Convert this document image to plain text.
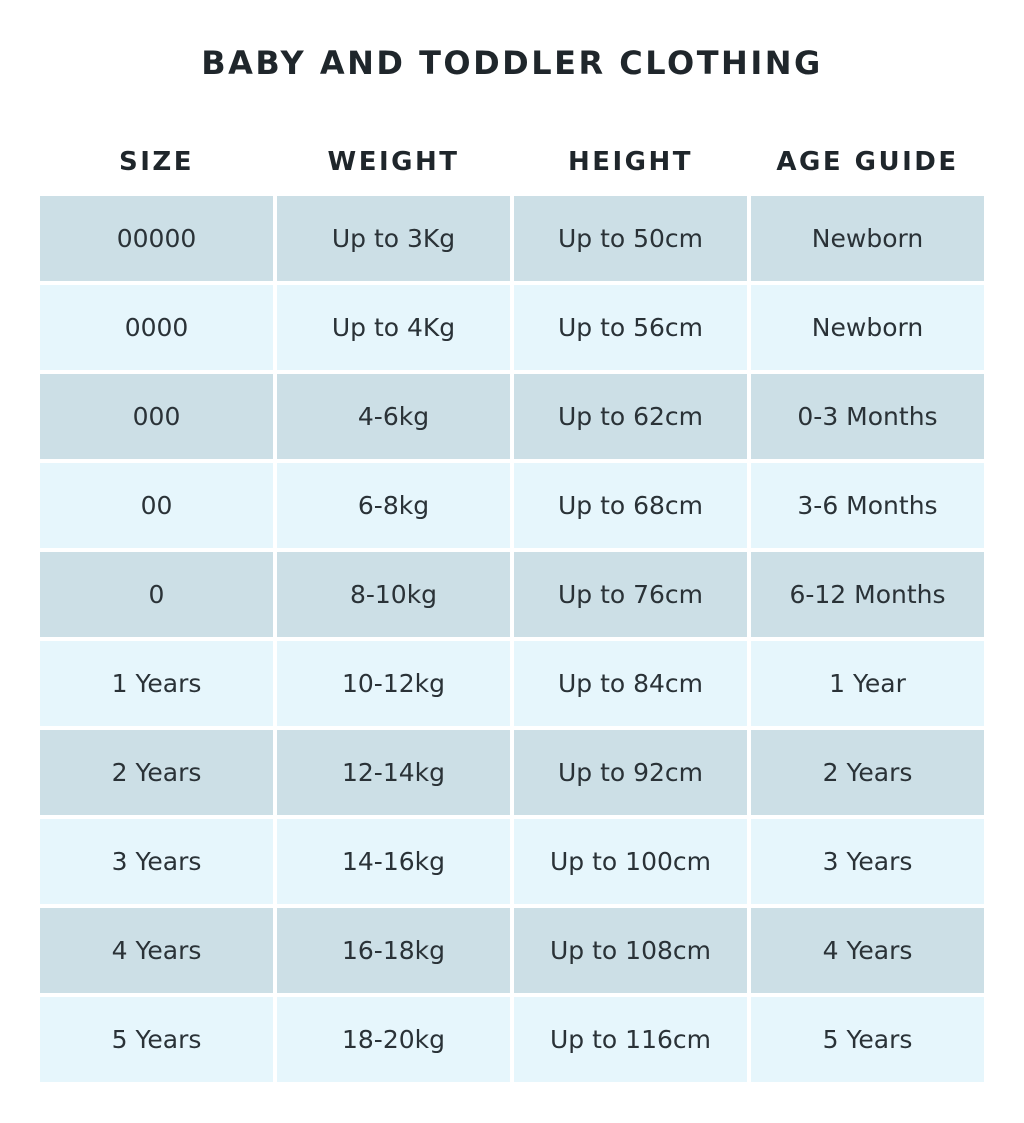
BABY AND TODDLER CLOTHING
SIZE	WEIGHT	HEIGHT	AGE GUIDE
00000	Up to 3Kg	Up to 50cm	Newborn
0000	Up to 4Kg	Up to 56cm	Newborn
000	4-6kg	Up to 62cm	0-3 Months
00	6-8kg	Up to 68cm	3-6 Months
0	8-10kg	Up to 76cm	6-12 Months
1 Years	10-12kg	Up to 84cm	1 Year
2 Years	12-14kg	Up to 92cm	2 Years
3 Years	14-16kg	Up to 100cm	3 Years
4 Years	16-18kg	Up to 108cm	4 Years
5 Years	18-20kg	Up to 116cm	5 Years
